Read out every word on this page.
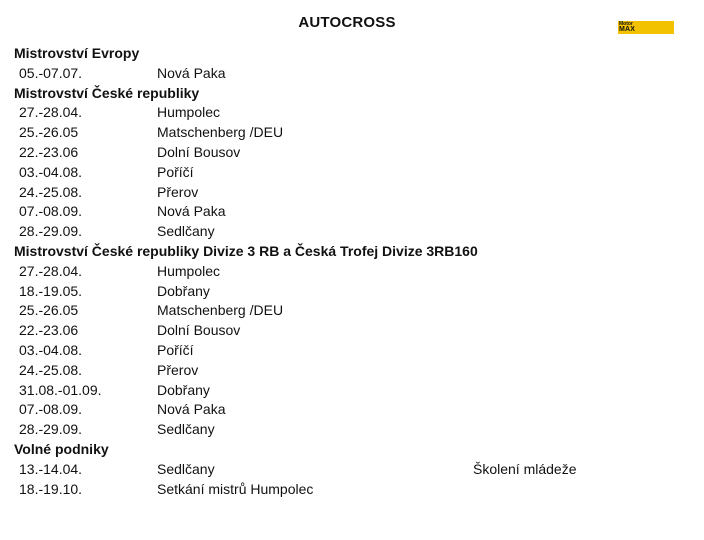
AUTOCROSS	Motor
MAX
Mistrovství Evropy
05.-07.07.	Nová Paka
Mistrovství České republiky
27.-28.04.	Humpolec
25.-26.05	Matschenberg /DEU
22.-23.06	Dolní Bousov
03.-04.08.	Poříčí
24.-25.08.	Přerov
07.-08.09.	Nová Paka
28.-29.09.	Sedlčany
Mistrovství České republiky Divize 3 RB a Česká Trofej Divize 3RB160
27.-28.04.	Humpolec
18.-19.05.	Dobřany
25.-26.05	Matschenberg /DEU
22.-23.06	Dolní Bousov
03.-04.08.	Poříčí
24.-25.08.	Přerov
31.08.-01.09.	Dobřany
07.-08.09.	Nová Paka
28.-29.09.	Sedlčany
Volné podniky
13.-14.04.	Sedlčany	Školení mládeže
18.-19.10.	Setkání mistrů Humpolec
